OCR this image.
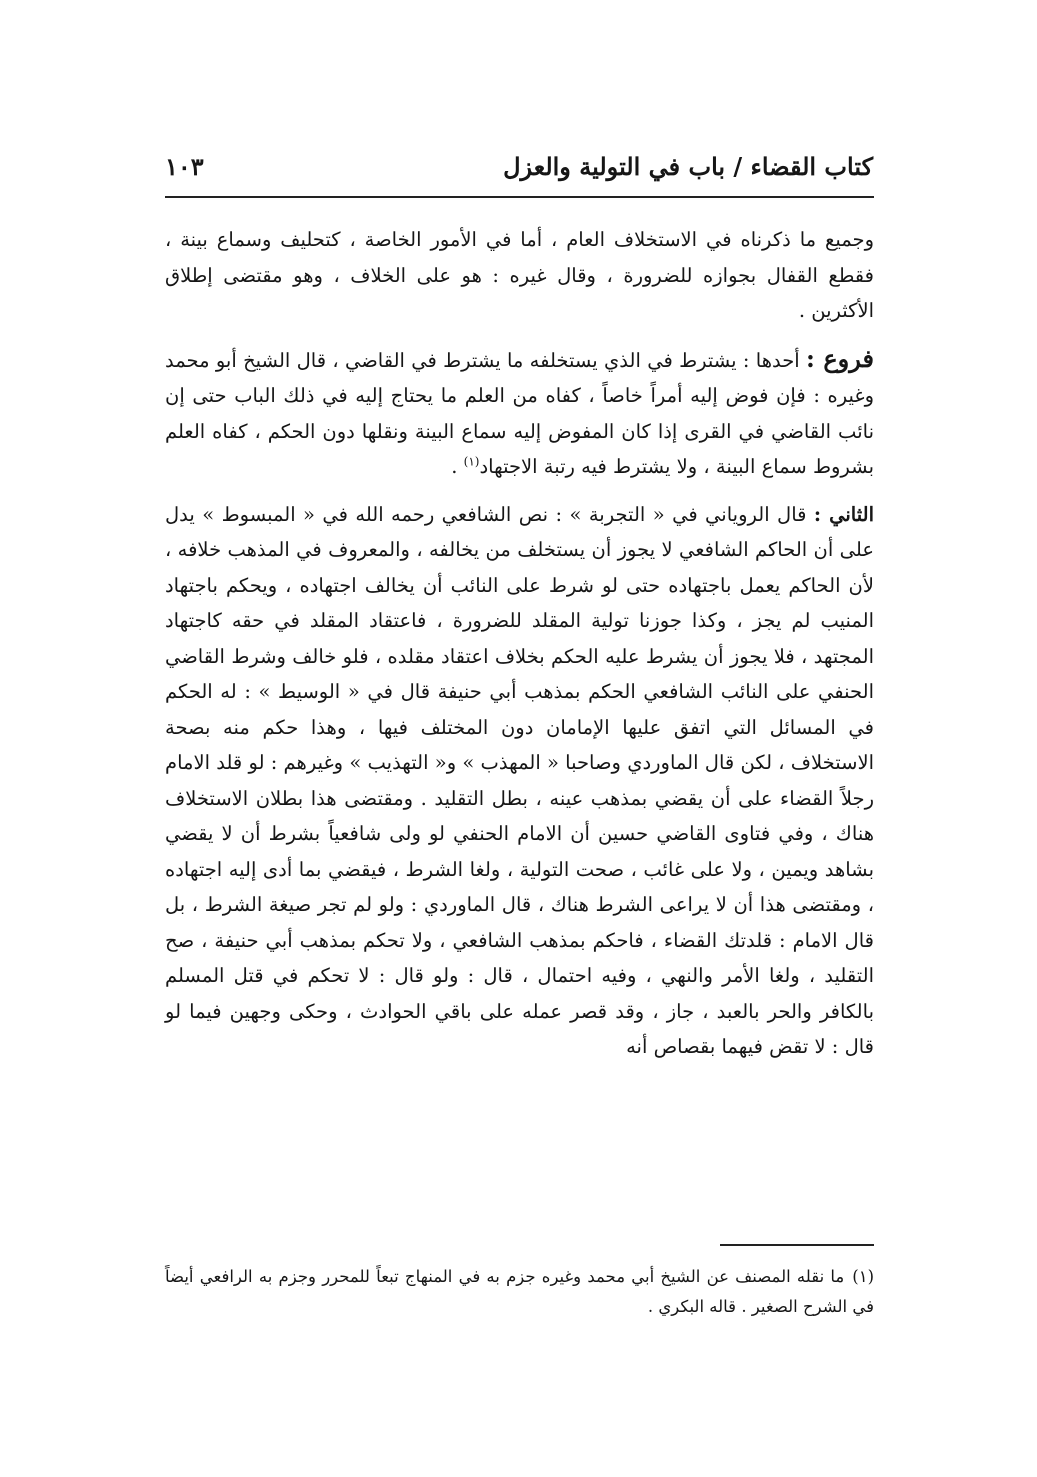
كتاب القضاء / باب في التولية والعزل
١٠٣

وجميع ما ذكرناه في الاستخلاف العام ، أما في الأمور الخاصة ، كتحليف وسماع بينة ، فقطع القفال بجوازه للضرورة ، وقال غيره : هو على الخلاف ، وهو مقتضى إطلاق الأكثرين .

فروع : أحدها : يشترط في الذي يستخلفه ما يشترط في القاضي ، قال الشيخ أبو محمد وغيره : فإن فوض إليه أمراً خاصاً ، كفاه من العلم ما يحتاج إليه في ذلك الباب حتى إن نائب القاضي في القرى إذا كان المفوض إليه سماع البينة ونقلها دون الحكم ، كفاه العلم بشروط سماع البينة ، ولا يشترط فيه رتبة الاجتهاد$^{(١)}$ .

الثاني : قال الروياني في « التجربة » : نص الشافعي رحمه الله في « المبسوط » يدل على أن الحاكم الشافعي لا يجوز أن يستخلف من يخالفه ، والمعروف في المذهب خلافه ، لأن الحاكم يعمل باجتهاده حتى لو شرط على النائب أن يخالف اجتهاده ، ويحكم باجتهاد المنيب لم يجز ، وكذا جوزنا تولية المقلد للضرورة ، فاعتقاد المقلد في حقه كاجتهاد المجتهد ، فلا يجوز أن يشرط عليه الحكم بخلاف اعتقاد مقلده ، فلو خالف وشرط القاضي الحنفي على النائب الشافعي الحكم بمذهب أبي حنيفة قال في « الوسيط » : له الحكم في المسائل التي اتفق عليها الإمامان دون المختلف فيها ، وهذا حكم منه بصحة الاستخلاف ، لكن قال الماوردي وصاحبا « المهذب » و« التهذيب » وغيرهم : لو قلد الامام رجلاً القضاء على أن يقضي بمذهب عينه ، بطل التقليد . ومقتضى هذا بطلان الاستخلاف هناك ، وفي فتاوى القاضي حسين أن الامام الحنفي لو ولى شافعياً بشرط أن لا يقضي بشاهد ويمين ، ولا على غائب ، صحت التولية ، ولغا الشرط ، فيقضي بما أدى إليه اجتهاده ، ومقتضى هذا أن لا يراعى الشرط هناك ، قال الماوردي : ولو لم تجر صيغة الشرط ، بل قال الامام : قلدتك القضاء ، فاحكم بمذهب الشافعي ، ولا تحكم بمذهب أبي حنيفة ، صح التقليد ، ولغا الأمر والنهي ، وفيه احتمال ، قال : ولو قال : لا تحكم في قتل المسلم بالكافر والحر بالعبد ، جاز ، وقد قصر عمله على باقي الحوادث ، وحكى وجهين فيما لو قال : لا تقض فيهما بقصاص أنه

(١)ما نقله المصنف عن الشيخ أبي محمد وغيره جزم به في المنهاج تبعاً للمحرر وجزم به الرافعي أيضاً في الشرح الصغير . قاله البكري .
